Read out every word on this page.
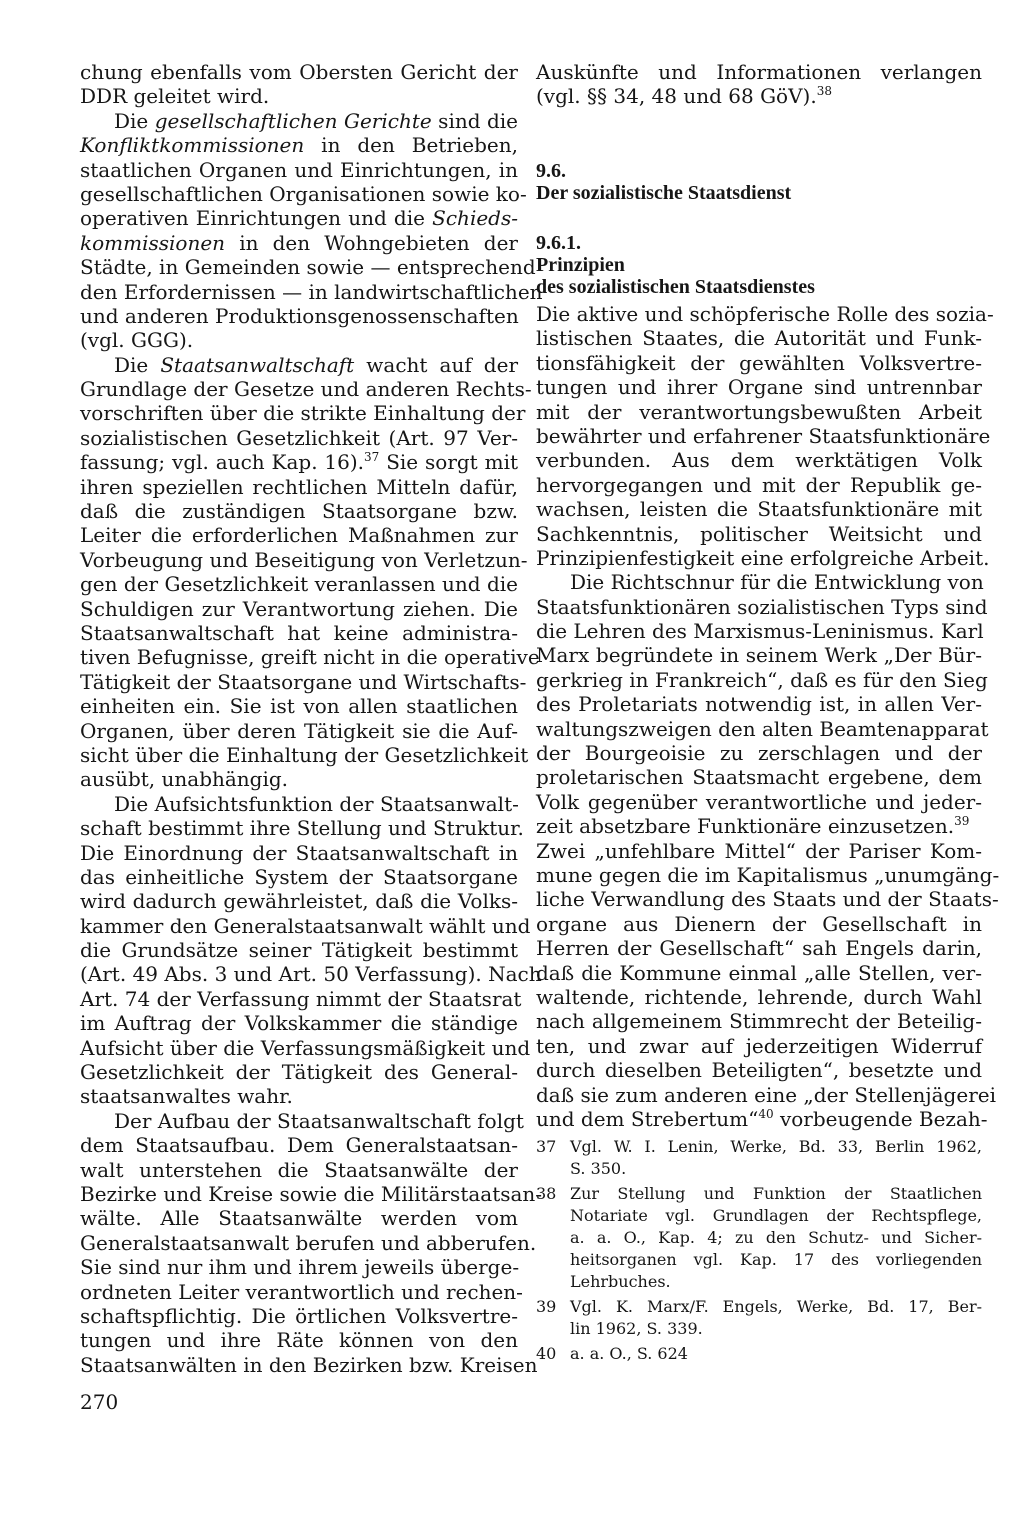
chung ebenfalls vom Obersten Gericht der
DDR geleitet wird.
Die gesellschaftlichen Gerichte sind die
Konfliktkommissionen in den Betrieben,
staatlichen Organen und Einrichtungen, in
gesellschaftlichen Organisationen sowie ko-
operativen Einrichtungen und die Schieds-
kommissionen in den Wohngebieten der
Städte, in Gemeinden sowie — entsprechend
den Erfordernissen — in landwirtschaftlichen
und anderen Produktionsgenossenschaften
(vgl. GGG).
Die Staatsanwaltschaft wacht auf der
Grundlage der Gesetze und anderen Rechts-
vorschriften über die strikte Einhaltung der
sozialistischen Gesetzlichkeit (Art. 97 Ver-
fassung; vgl. auch Kap. 16).$^{37}$ Sie sorgt mit
ihren speziellen rechtlichen Mitteln dafür,
daß die zuständigen Staatsorgane bzw.
Leiter die erforderlichen Maßnahmen zur
Vorbeugung und Beseitigung von Verletzun-
gen der Gesetzlichkeit veranlassen und die
Schuldigen zur Verantwortung ziehen. Die
Staatsanwaltschaft hat keine administra-
tiven Befugnisse, greift nicht in die operative
Tätigkeit der Staatsorgane und Wirtschafts-
einheiten ein. Sie ist von allen staatlichen
Organen, über deren Tätigkeit sie die Auf-
sicht über die Einhaltung der Gesetzlichkeit
ausübt, unabhängig.
Die Aufsichtsfunktion der Staatsanwalt-
schaft bestimmt ihre Stellung und Struktur.
Die Einordnung der Staatsanwaltschaft in
das einheitliche System der Staatsorgane
wird dadurch gewährleistet, daß die Volks-
kammer den Generalstaatsanwalt wählt und
die Grundsätze seiner Tätigkeit bestimmt
(Art. 49 Abs. 3 und Art. 50 Verfassung). Nach
Art. 74 der Verfassung nimmt der Staatsrat
im Auftrag der Volkskammer die ständige
Aufsicht über die Verfassungsmäßigkeit und
Gesetzlichkeit der Tätigkeit des General-
staatsanwaltes wahr.
Der Aufbau der Staatsanwaltschaft folgt
dem Staatsaufbau. Dem Generalstaatsan-
walt unterstehen die Staatsanwälte der
Bezirke und Kreise sowie die Militärstaatsan-
wälte. Alle Staatsanwälte werden vom
Generalstaatsanwalt berufen und abberufen.
Sie sind nur ihm und ihrem jeweils überge-
ordneten Leiter verantwortlich und rechen-
schaftspflichtig. Die örtlichen Volksvertre-
tungen und ihre Räte können von den
Staatsanwälten in den Bezirken bzw. Kreisen
Auskünfte und Informationen verlangen
(vgl. §§ 34, 48 und 68 GöV).$^{38}$
9.6.
Der sozialistische Staatsdienst
9.6.1.
Prinzipien
des sozialistischen Staatsdienstes
Die aktive und schöpferische Rolle des sozia-
listischen Staates, die Autorität und Funk-
tionsfähigkeit der gewählten Volksvertre-
tungen und ihrer Organe sind untrennbar
mit der verantwortungsbewußten Arbeit
bewährter und erfahrener Staatsfunktionäre
verbunden. Aus dem werktätigen Volk
hervorgegangen und mit der Republik ge-
wachsen, leisten die Staatsfunktionäre mit
Sachkenntnis, politischer Weitsicht und
Prinzipienfestigkeit eine erfolgreiche Arbeit.
Die Richtschnur für die Entwicklung von
Staatsfunktionären sozialistischen Typs sind
die Lehren des Marxismus-Leninismus. Karl
Marx begründete in seinem Werk „Der Bür-
gerkrieg in Frankreich“, daß es für den Sieg
des Proletariats notwendig ist, in allen Ver-
waltungszweigen den alten Beamtenapparat
der Bourgeoisie zu zerschlagen und der
proletarischen Staatsmacht ergebene, dem
Volk gegenüber verantwortliche und jeder-
zeit absetzbare Funktionäre einzusetzen.$^{39}$
Zwei „unfehlbare Mittel“ der Pariser Kom-
mune gegen die im Kapitalismus „unumgäng-
liche Verwandlung des Staats und der Staats-
organe aus Dienern der Gesellschaft in
Herren der Gesellschaft“ sah Engels darin,
daß die Kommune einmal „alle Stellen, ver-
waltende, richtende, lehrende, durch Wahl
nach allgemeinem Stimmrecht der Beteilig-
ten, und zwar auf jederzeitigen Widerruf
durch dieselben Beteiligten“, besetzte und
daß sie zum anderen eine „der Stellenjägerei
und dem Strebertum“$^{40}$ vorbeugende Bezah-
37 Vgl. W. I. Lenin, Werke, Bd. 33, Berlin 1962,
S. 350.
38 Zur Stellung und Funktion der Staatlichen
Notariate vgl. Grundlagen der Rechtspflege,
a. a. O., Kap. 4; zu den Schutz- und Sicher-
heitsorganen vgl. Kap. 17 des vorliegenden
Lehrbuches.
39 Vgl. K. Marx/F. Engels, Werke, Bd. 17, Ber-
lin 1962, S. 339.
40 a. a. O., S. 624
270
